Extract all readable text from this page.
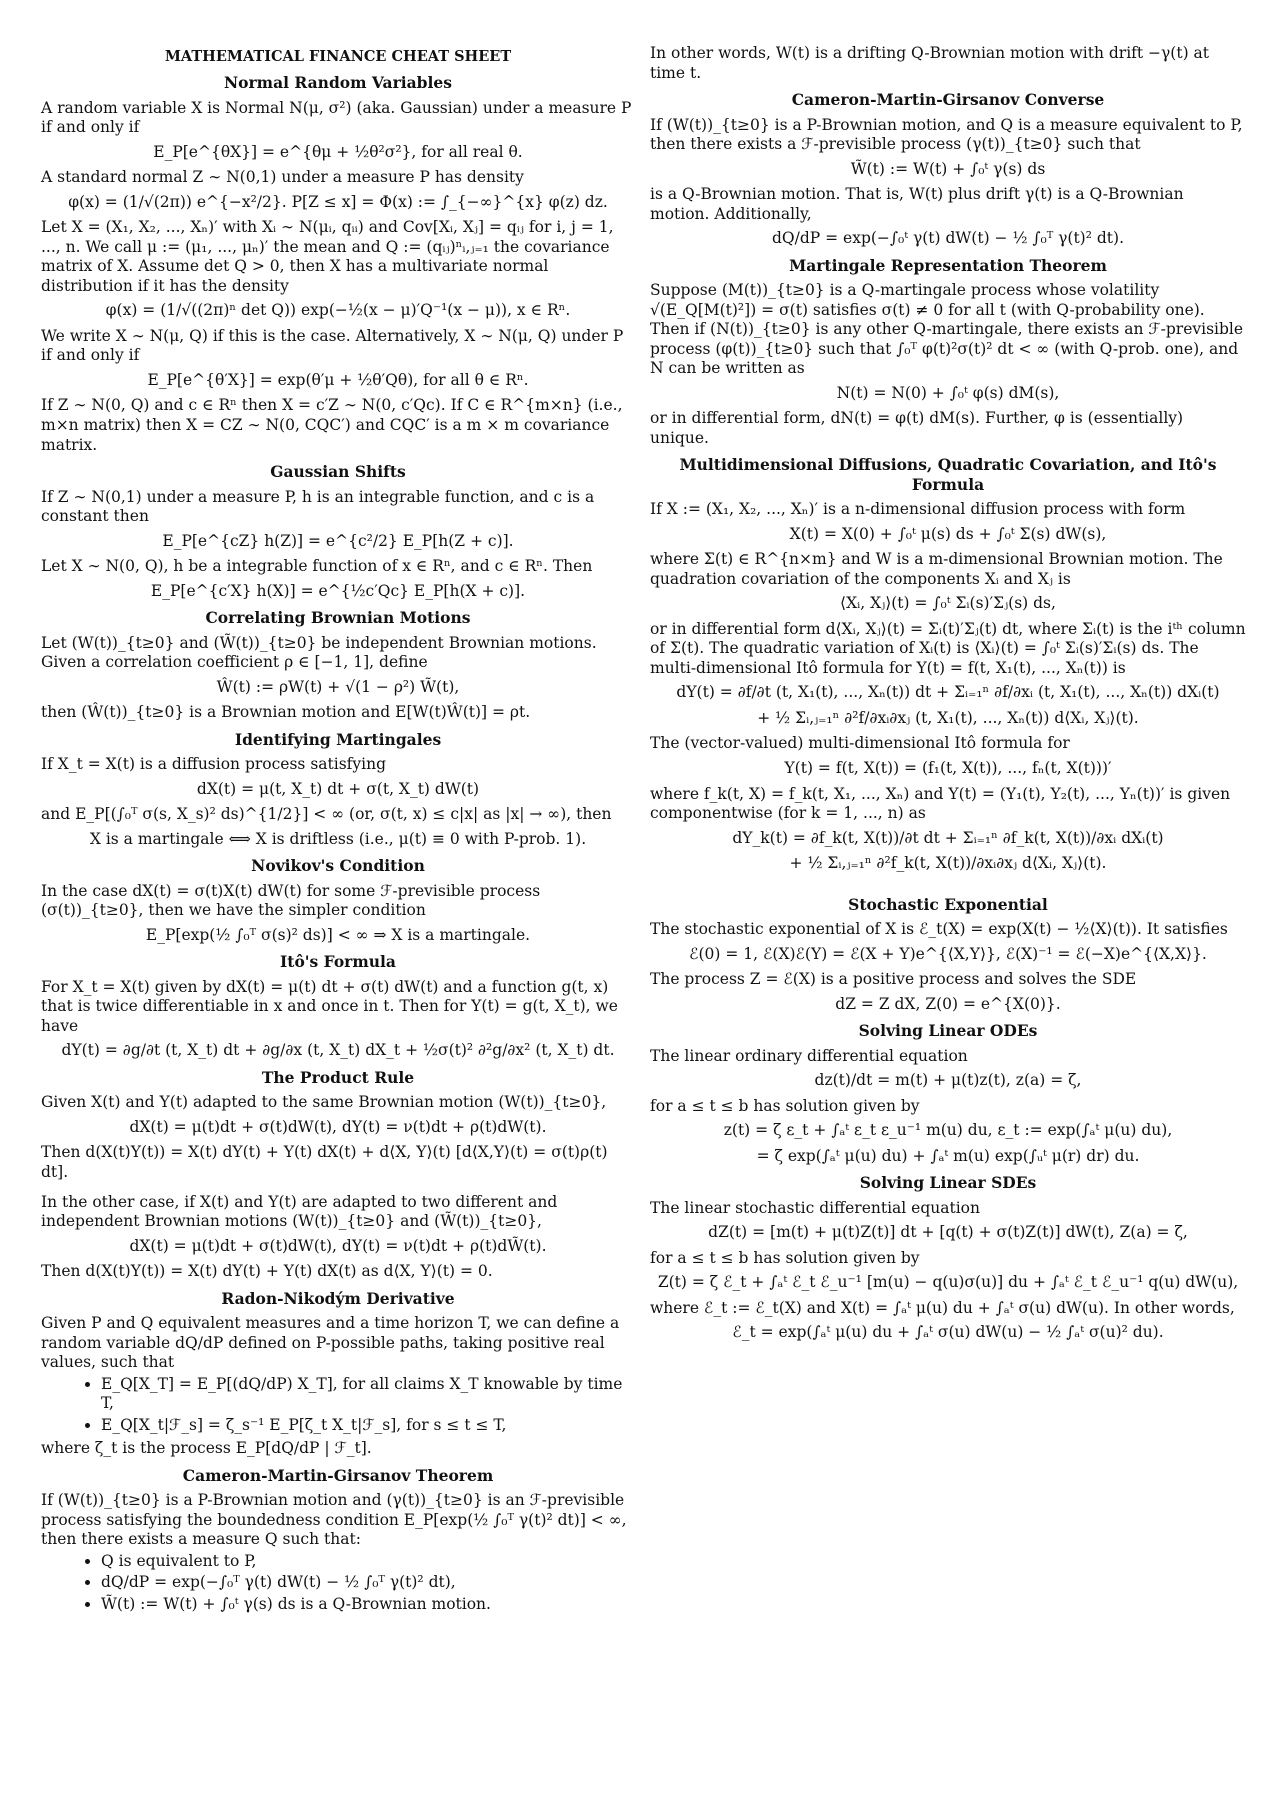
MATHEMATICAL FINANCE CHEAT SHEET
Normal Random Variables

A random variable X is Normal N(μ, σ²) (aka. Gaussian) under a measure P if and only if

E_P[e^{θX}] = e^{θμ + ½θ²σ²}, for all real θ.

A standard normal Z ∼ N(0,1) under a measure P has density

φ(x) = (1/√(2π)) e^{−x²/2}. P[Z ≤ x] = Φ(x) := ∫_{−∞}^{x} φ(z) dz.

Let X = (X₁, X₂, ..., Xₙ)′ with Xᵢ ∼ N(μᵢ, qᵢᵢ) and Cov[Xᵢ, Xⱼ] = qᵢⱼ for i, j = 1, ..., n. We call μ := (μ₁, ..., μₙ)′ the mean and Q := (qᵢⱼ)ⁿᵢ,ⱼ₌₁ the covariance matrix of X. Assume det Q > 0, then X has a multivariate normal distribution if it has the density

φ(x) = (1/√((2π)ⁿ det Q)) exp(−½(x − μ)′Q⁻¹(x − μ)), x ∈ Rⁿ.

We write X ∼ N(μ, Q) if this is the case. Alternatively, X ∼ N(μ, Q) under P if and only if

E_P[e^{θ′X}] = exp(θ′μ + ½θ′Qθ), for all θ ∈ Rⁿ.

If Z ∼ N(0, Q) and c ∈ Rⁿ then X = c′Z ∼ N(0, c′Qc). If C ∈ R^{m×n} (i.e., m×n matrix) then X = CZ ∼ N(0, CQC′) and CQC′ is a m × m covariance matrix.

Gaussian Shifts

If Z ∼ N(0,1) under a measure P, h is an integrable function, and c is a constant then

E_P[e^{cZ} h(Z)] = e^{c²/2} E_P[h(Z + c)].

Let X ∼ N(0, Q), h be a integrable function of x ∈ Rⁿ, and c ∈ Rⁿ. Then

E_P[e^{c′X} h(X)] = e^{½c′Qc} E_P[h(X + c)].
Correlating Brownian Motions

Let (W(t))_{t≥0} and (W̃(t))_{t≥0} be independent Brownian motions. Given a correlation coefficient ρ ∈ [−1, 1], define

Ŵ(t) := ρW(t) + √(1 − ρ²) W̃(t),

then (Ŵ(t))_{t≥0} is a Brownian motion and E[W(t)Ŵ(t)] = ρt.

Identifying Martingales

If X_t = X(t) is a diffusion process satisfying

dX(t) = μ(t, X_t) dt + σ(t, X_t) dW(t)

and E_P[(∫₀ᵀ σ(s, X_s)² ds)^{1/2}] < ∞ (or, σ(t, x) ≤ c|x| as |x| → ∞), then

X is a martingale ⟺ X is driftless (i.e., μ(t) ≡ 0 with P-prob. 1).
Novikov's Condition

In the case dX(t) = σ(t)X(t) dW(t) for some ℱ-previsible process (σ(t))_{t≥0}, then we have the simpler condition

E_P[exp(½ ∫₀ᵀ σ(s)² ds)] < ∞ ⇒ X is a martingale.
Itô's Formula

For X_t = X(t) given by dX(t) = μ(t) dt + σ(t) dW(t) and a function g(t, x) that is twice differentiable in x and once in t. Then for Y(t) = g(t, X_t), we have

dY(t) = ∂g/∂t (t, X_t) dt + ∂g/∂x (t, X_t) dX_t + ½σ(t)² ∂²g/∂x² (t, X_t) dt.
The Product Rule

Given X(t) and Y(t) adapted to the same Brownian motion (W(t))_{t≥0},

dX(t) = μ(t)dt + σ(t)dW(t), dY(t) = ν(t)dt + ρ(t)dW(t).

Then d(X(t)Y(t)) = X(t) dY(t) + Y(t) dX(t) + d⟨X, Y⟩(t) [d⟨X,Y⟩(t) = σ(t)ρ(t) dt].

In the other case, if X(t) and Y(t) are adapted to two different and independent Brownian motions (W(t))_{t≥0} and (W̃(t))_{t≥0},

dX(t) = μ(t)dt + σ(t)dW(t), dY(t) = ν(t)dt + ρ(t)dW̃(t).

Then d(X(t)Y(t)) = X(t) dY(t) + Y(t) dX(t) as d⟨X, Y⟩(t) = 0.

Radon-Nikodým Derivative

Given P and Q equivalent measures and a time horizon T, we can define a random variable dQ/dP defined on P-possible paths, taking positive real values, such that

• E_Q[X_T] = E_P[(dQ/dP) X_T], for all claims X_T knowable by time T,
• E_Q[X_t|ℱ_s] = ζ_s⁻¹ E_P[ζ_t X_t|ℱ_s], for s ≤ t ≤ T,

where ζ_t is the process E_P[dQ/dP | ℱ_t].

Cameron-Martin-Girsanov Theorem

If (W(t))_{t≥0} is a P-Brownian motion and (γ(t))_{t≥0} is an ℱ-previsible process satisfying the boundedness condition E_P[exp(½ ∫₀ᵀ γ(t)² dt)] < ∞, then there exists a measure Q such that:

• Q is equivalent to P,
• dQ/dP = exp(−∫₀ᵀ γ(t) dW(t) − ½ ∫₀ᵀ γ(t)² dt),
• W̃(t) := W(t) + ∫₀ᵗ γ(s) ds is a Q-Brownian motion.

In other words, W(t) is a drifting Q-Brownian motion with drift −γ(t) at time t.

Cameron-Martin-Girsanov Converse

If (W(t))_{t≥0} is a P-Brownian motion, and Q is a measure equivalent to P, then there exists a ℱ-previsible process (γ(t))_{t≥0} such that

W̃(t) := W(t) + ∫₀ᵗ γ(s) ds

is a Q-Brownian motion. That is, W(t) plus drift γ(t) is a Q-Brownian motion. Additionally,

dQ/dP = exp(−∫₀ᵗ γ(t) dW(t) − ½ ∫₀ᵀ γ(t)² dt).
Martingale Representation Theorem

Suppose (M(t))_{t≥0} is a Q-martingale process whose volatility √(E_Q[M(t)²]) = σ(t) satisfies σ(t) ≠ 0 for all t (with Q-probability one). Then if (N(t))_{t≥0} is any other Q-martingale, there exists an ℱ-previsible process (φ(t))_{t≥0} such that ∫₀ᵀ φ(t)²σ(t)² dt < ∞ (with Q-prob. one), and N can be written as

N(t) = N(0) + ∫₀ᵗ φ(s) dM(s),

or in differential form, dN(t) = φ(t) dM(s). Further, φ is (essentially) unique.

Multidimensional Diffusions, Quadratic Covariation, and Itô's Formula

If X := (X₁, X₂, ..., Xₙ)′ is a n-dimensional diffusion process with form

X(t) = X(0) + ∫₀ᵗ μ(s) ds + ∫₀ᵗ Σ(s) dW(s),

where Σ(t) ∈ R^{n×m} and W is a m-dimensional Brownian motion. The quadration covariation of the components Xᵢ and Xⱼ is

⟨Xᵢ, Xⱼ⟩(t) = ∫₀ᵗ Σᵢ(s)′Σⱼ(s) ds,

or in differential form d⟨Xᵢ, Xⱼ⟩(t) = Σᵢ(t)′Σⱼ(t) dt, where Σᵢ(t) is the iᵗʰ column of Σ(t). The quadratic variation of Xᵢ(t) is ⟨Xᵢ⟩(t) = ∫₀ᵗ Σᵢ(s)′Σᵢ(s) ds. The multi-dimensional Itô formula for Y(t) = f(t, X₁(t), ..., Xₙ(t)) is

dY(t) = ∂f/∂t (t, X₁(t), ..., Xₙ(t)) dt + Σᵢ₌₁ⁿ ∂f/∂xᵢ (t, X₁(t), ..., Xₙ(t)) dXᵢ(t)
+ ½ Σᵢ,ⱼ₌₁ⁿ ∂²f/∂xᵢ∂xⱼ (t, X₁(t), ..., Xₙ(t)) d⟨Xᵢ, Xⱼ⟩(t).

The (vector-valued) multi-dimensional Itô formula for

Y(t) = f(t, X(t)) = (f₁(t, X(t)), ..., fₙ(t, X(t)))′

where f_k(t, X) = f_k(t, X₁, ..., Xₙ) and Y(t) = (Y₁(t), Y₂(t), ..., Yₙ(t))′ is given componentwise (for k = 1, ..., n) as

dY_k(t) = ∂f_k(t, X(t))/∂t dt + Σᵢ₌₁ⁿ ∂f_k(t, X(t))/∂xᵢ dXᵢ(t)
+ ½ Σᵢ,ⱼ₌₁ⁿ ∂²f_k(t, X(t))/∂xᵢ∂xⱼ d⟨Xᵢ, Xⱼ⟩(t).
Stochastic Exponential

The stochastic exponential of X is ℰ_t(X) = exp(X(t) − ½⟨X⟩(t)). It satisfies

ℰ(0) = 1, ℰ(X)ℰ(Y) = ℰ(X + Y)e^{⟨X,Y⟩}, ℰ(X)⁻¹ = ℰ(−X)e^{⟨X,X⟩}.

The process Z = ℰ(X) is a positive process and solves the SDE

dZ = Z dX, Z(0) = e^{X(0)}.
Solving Linear ODEs

The linear ordinary differential equation

dz(t)/dt = m(t) + μ(t)z(t), z(a) = ζ,

for a ≤ t ≤ b has solution given by

z(t) = ζ ε_t + ∫ₐᵗ ε_t ε_u⁻¹ m(u) du, ε_t := exp(∫ₐᵗ μ(u) du),
= ζ exp(∫ₐᵗ μ(u) du) + ∫ₐᵗ m(u) exp(∫ᵤᵗ μ(r) dr) du.
Solving Linear SDEs

The linear stochastic differential equation

dZ(t) = [m(t) + μ(t)Z(t)] dt + [q(t) + σ(t)Z(t)] dW(t), Z(a) = ζ,

for a ≤ t ≤ b has solution given by

Z(t) = ζ ℰ_t + ∫ₐᵗ ℰ_t ℰ_u⁻¹ [m(u) − q(u)σ(u)] du + ∫ₐᵗ ℰ_t ℰ_u⁻¹ q(u) dW(u),

where ℰ_t := ℰ_t(X) and X(t) = ∫ₐᵗ μ(u) du + ∫ₐᵗ σ(u) dW(u). In other words,

ℰ_t = exp(∫ₐᵗ μ(u) du + ∫ₐᵗ σ(u) dW(u) − ½ ∫ₐᵗ σ(u)² du).
